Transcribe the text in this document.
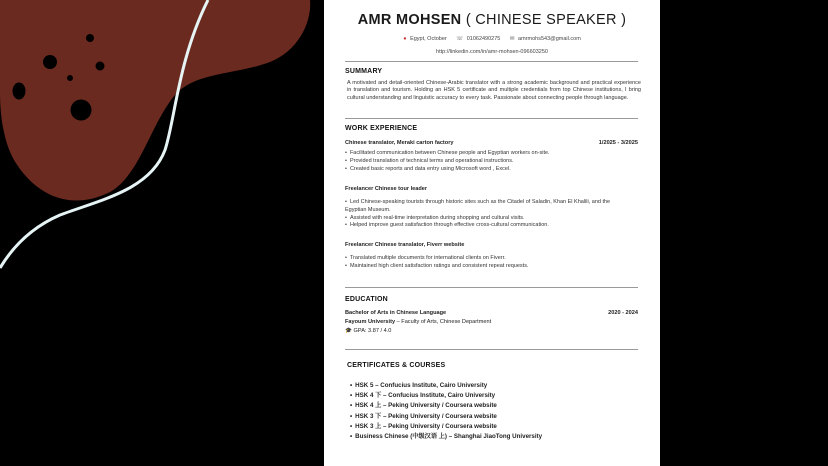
AMR MOHSEN ( CHINESE SPEAKER )
● Egypt, October ☏ 01062490275 ✉ amrmohs543@gmail.com
http://linkedin.com/in/amr-mohsen-096603250
SUMMARY
A motivated and detail-oriented Chinese-Arabic translator with a strong academic background and practical experience in translation and tourism. Holding an HSK 5 certificate and multiple credentials from top Chinese institutions, I bring cultural understanding and linguistic accuracy to every task. Passionate about connecting people through language.
WORK EXPERIENCE
Chinese translator, Meraki carton factory	1/2025 - 3/2025
• Facilitated communication between Chinese people and Egyptian workers on-site.
• Provided translation of technical terms and operational instructions.
• Created basic reports and data entry using Microsoft word , Excel.
Freelancer Chinese tour leader
• Led Chinese-speaking tourists through historic sites such as the Citadel of Saladin, Khan El Khalili, and the Egyptian Museum.
• Assisted with real-time interpretation during shopping and cultural visits.
• Helped improve guest satisfaction through effective cross-cultural communication.
Freelancer Chinese translator, Fiverr website
• Translated multiple documents for international clients on Fiverr.
• Maintained high client satisfaction ratings and consistent repeat requests.
EDUCATION
Bachelor of Arts in Chinese Language	2020 - 2024
Fayoum University – Faculty of Arts, Chinese Department
🎓 GPA: 3.87 / 4.0
CERTIFICATES & COURSES
• HSK 5 – Confucius Institute, Cairo University
• HSK 4 下 – Confucius Institute, Cairo University
• HSK 4 上 – Peking University / Coursera website
• HSK 3 下 – Peking University / Coursera website
• HSK 3 上 – Peking University / Coursera website
• Business Chinese (中级汉语 上) – Shanghai JiaoTong University
